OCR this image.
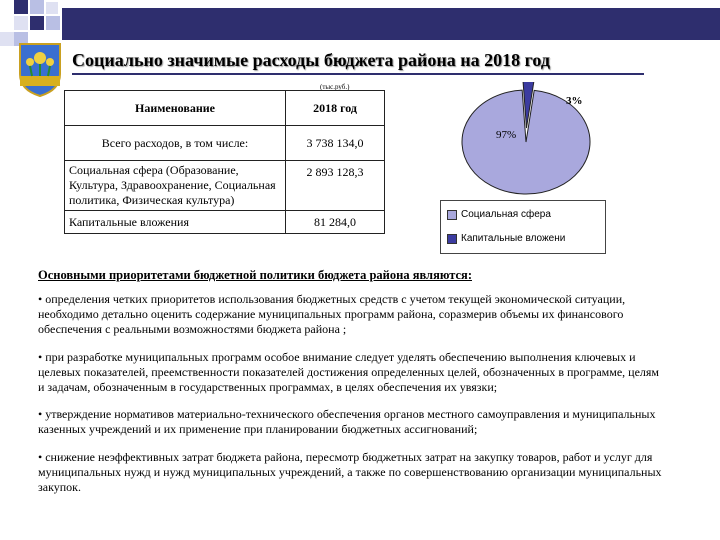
Социально значимые расходы бюджета района на 2018 год
(тыс.руб.)
Наименование	2018 год
Всего расходов, в том числе:	3 738 134,0
Социальная сфера (Образование, Культура, Здравоохранение, Социальная политика, Физическая культура)	2 893 128,3
Капитальные вложения	81 284,0
97%
3%
Социальная сфера
Капитальные вложени
Основными приоритетами бюджетной политики бюджета района являются:

• определения четких приоритетов использования бюджетных средств с учетом текущей экономической ситуации, необходимо детально оценить содержание муниципальных программ района, соразмерив объемы их финансового обеспечения с реальными возможностями бюджета района ;

• при разработке муниципальных программ особое внимание следует уделять обеспечению выполнения ключевых и целевых показателей, преемственности показателей достижения определенных целей, обозначенных в программе, целям и задачам, обозначенным в государственных программах, в целях обеспечения их увязки;

• утверждение нормативов материально-технического обеспечения органов местного самоуправления и муниципальных казенных учреждений и их применение при планировании бюджетных ассигнований;

• снижение неэффективных затрат бюджета района, пересмотр бюджетных затрат на закупку товаров, работ и услуг для муниципальных нужд и нужд муниципальных учреждений, а также по совершенствованию организации муниципальных закупок.
